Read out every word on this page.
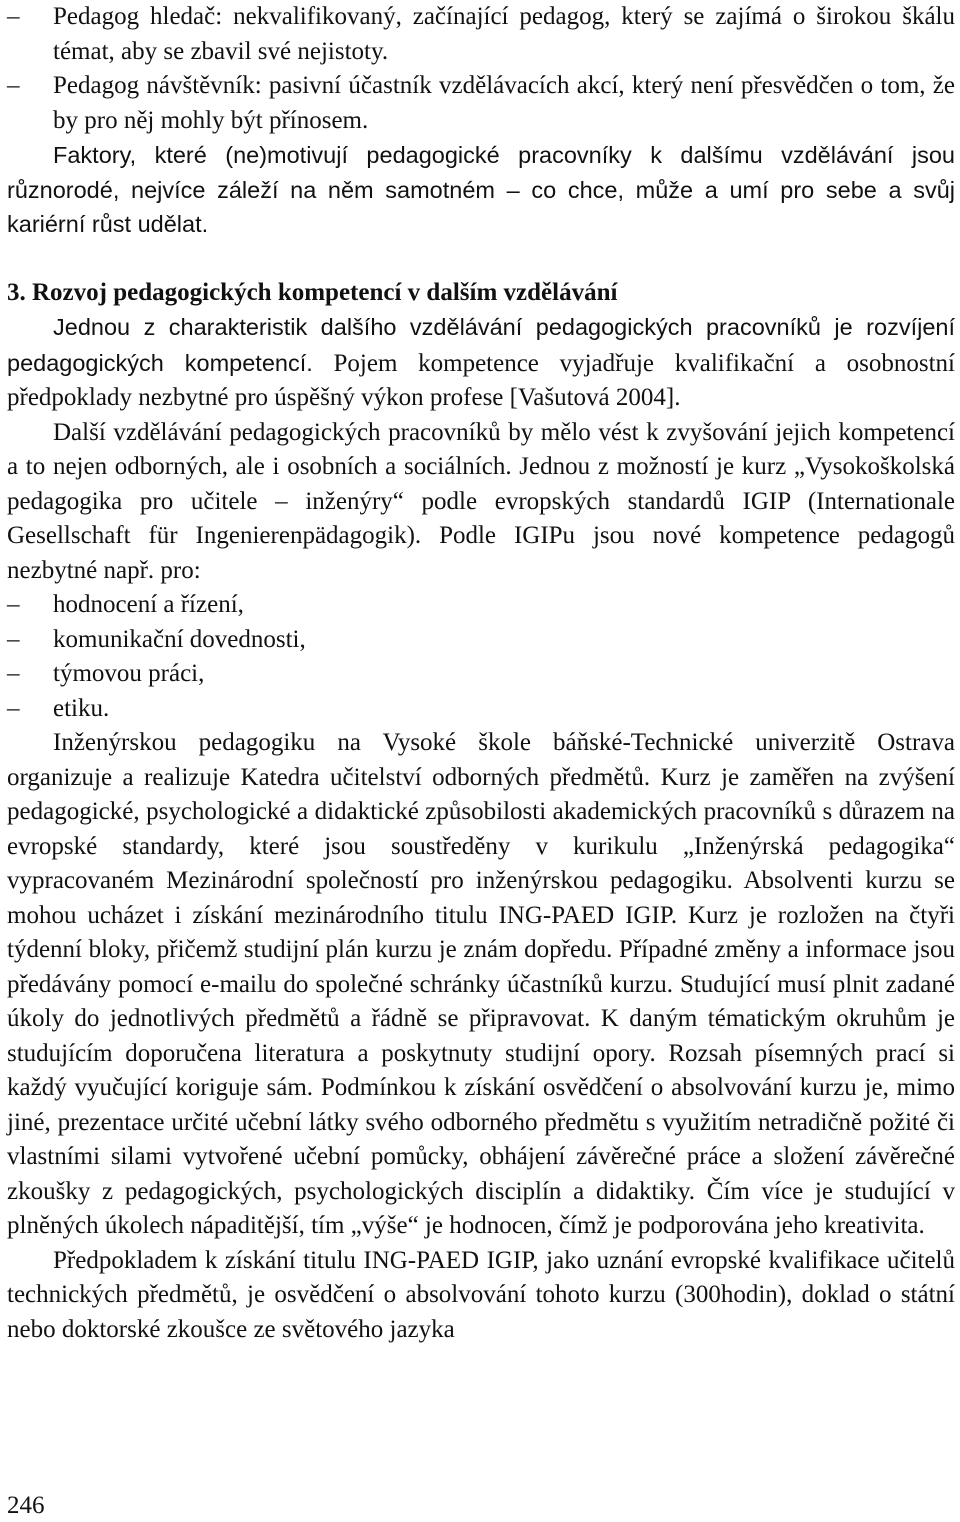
–	Pedagog hledač: nekvalifikovaný, začínající pedagog, který se zajímá o širokou škálu témat, aby se zbavil své nejistoty.
–	Pedagog návštěvník: pasivní účastník vzdělávacích akcí, který není přesvědčen o tom, že by pro něj mohly být přínosem.

Faktory, které (ne)motivují pedagogické pracovníky k dalšímu vzdělávání jsou různorodé, nejvíce záleží na něm samotném – co chce, může a umí pro sebe a svůj kariérní růst udělat.

3. Rozvoj pedagogických kompetencí v dalším vzdělávání

Jednou z charakteristik dalšího vzdělávání pedagogických pracovníků je rozvíjení pedagogických kompetencí. Pojem kompetence vyjadřuje kvalifikační a osobnostní předpoklady nezbytné pro úspěšný výkon profese [Vašutová 2004].

Další vzdělávání pedagogických pracovníků by mělo vést k zvyšování jejich kompetencí a to nejen odborných, ale i osobních a sociálních. Jednou z možností je kurz „Vysokoškolská pedagogika pro učitele – inženýry“ podle evropských standardů IGIP (Internationale Gesellschaft für Ingenierenpädagogik). Podle IGIPu jsou nové kompetence pedagogů nezbytné např. pro:

–	hodnocení a řízení,
–	komunikační dovednosti,
–	týmovou práci,
–	etiku.

Inženýrskou pedagogiku na Vysoké škole báňské-Technické univerzitě Ostrava organizuje a realizuje Katedra učitelství odborných předmětů. Kurz je zaměřen na zvýšení pedagogické, psychologické a didaktické způsobilosti akademických pracovníků s důrazem na evropské standardy, které jsou soustředěny v kurikulu „Inženýrská pedagogika“ vypracovaném Mezinárodní společností pro inženýrskou pedagogiku. Absolventi kurzu se mohou ucházet i získání mezinárodního titulu ING-PAED IGIP. Kurz je rozložen na čtyři týdenní bloky, přičemž studijní plán kurzu je znám dopředu. Případné změny a informace jsou předávány pomocí e-mailu do společné schránky účastníků kurzu. Studující musí plnit zadané úkoly do jednotlivých předmětů a řádně se připravovat. K daným tématickým okruhům je studujícím doporučena literatura a poskytnuty studijní opory. Rozsah písemných prací si každý vyučující koriguje sám. Podmínkou k získání osvědčení o absolvování kurzu je, mimo jiné, prezentace určité učební látky svého odborného předmětu s využitím netradičně požité či vlastními silami vytvořené učební pomůcky, obhájení závěrečné práce a složení závěrečné zkoušky z pedagogických, psychologických disciplín a didaktiky. Čím více je studující v plněných úkolech nápaditější, tím „výše“ je hodnocen, čímž je podporována jeho kreativita.

Předpokladem k získání titulu ING-PAED IGIP, jako uznání evropské kvalifikace učitelů technických předmětů, je osvědčení o absolvování tohoto kurzu (300hodin), doklad o státní nebo doktorské zkoušce ze světového jazyka

246
